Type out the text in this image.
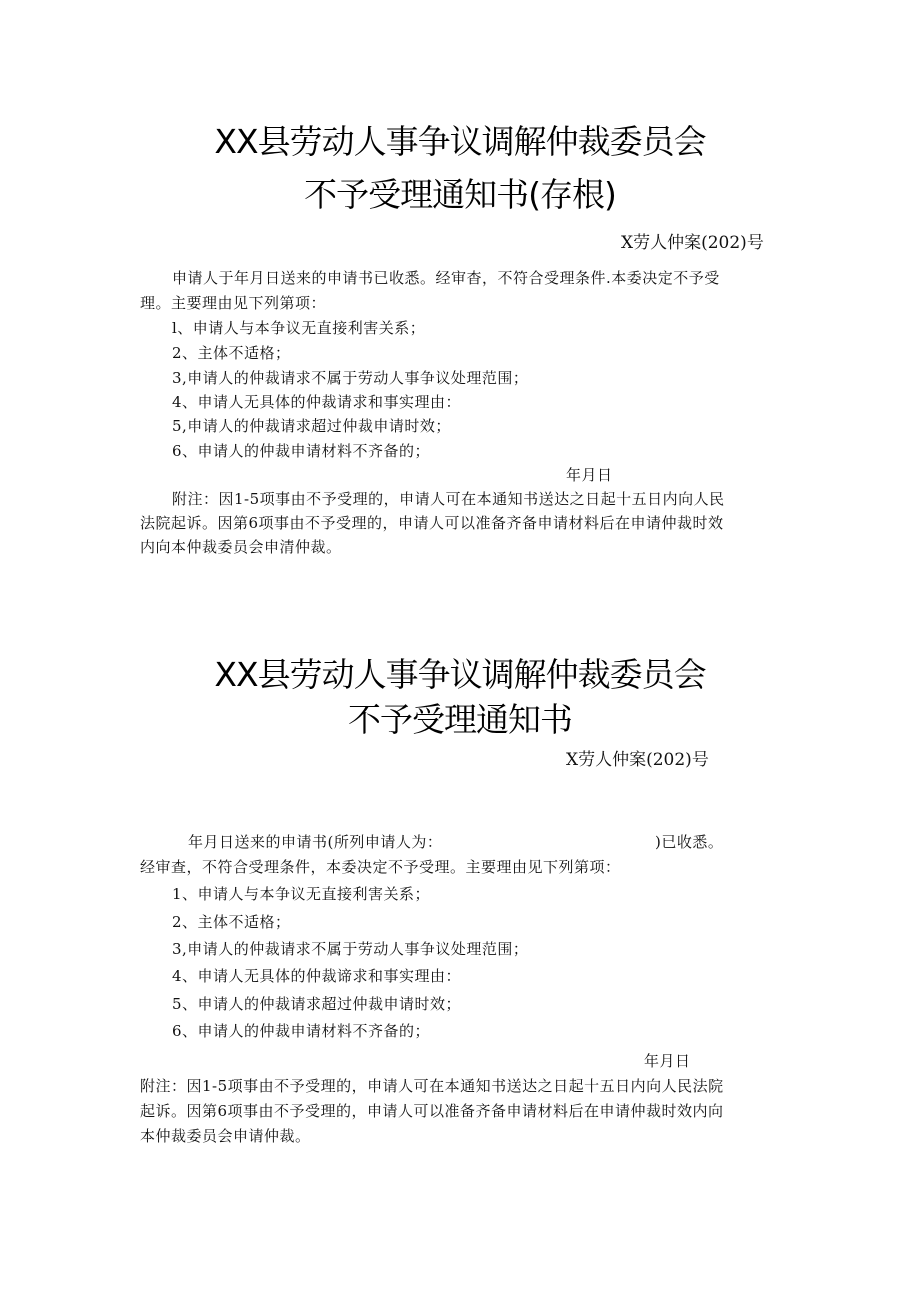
XX县劳动人事争议调解仲裁委员会
不予受理通知书(存根)
X劳人仲案(202)号
申请人于年月日送来的申请书已收悉。经审杳，不符合受理条件.本委决定不予受
理。主要理由见下列第项：
l、申请人与本争议无直接利害关系；
2、主体不适格；
3,申请人的仲裁请求不属于劳动人事争议处理范围；
4、申请人无具体的仲裁请求和事实理由：
5,申请人的仲裁请求超过仲裁申请时效；
6、申请人的仲裁申请材料不齐备的；
年月日
附注：因1-5项事由不予受理的，申请人可在本通知书送达之日起十五日内向人民
法院起诉。因第6项事由不予受理的，申请人可以准备齐备申请材料后在申请仲裁时效
内向本仲裁委员会申清仲裁。
XX县劳动人事争议调解仲裁委员会
不予受理通知书
X劳人仲案(202)号
年月日送来的申请书(所列申请人为：	)已收悉。
经审查，不符合受理条件，本委决定不予受理。主要理由见下列第项：
1、申请人与本争议无直接利害关系；
2、主体不适格；
3,申请人的仲裁请求不属于劳动人事争议处理范围；
4、申请人无具体的仲裁谛求和事实理由：
5、申请人的仲裁请求超过仲裁申请时效；
6、申请人的仲裁申请材料不齐备的；
年月日
附注：因1-5项事由不予受理的，申请人可在本通知书送达之日起十五日内向人民法院
起诉。因第6项事由不予受理的，申请人可以准备齐备申请材料后在申请仲裁时效内向
本仲裁委员会申请仲裁。
